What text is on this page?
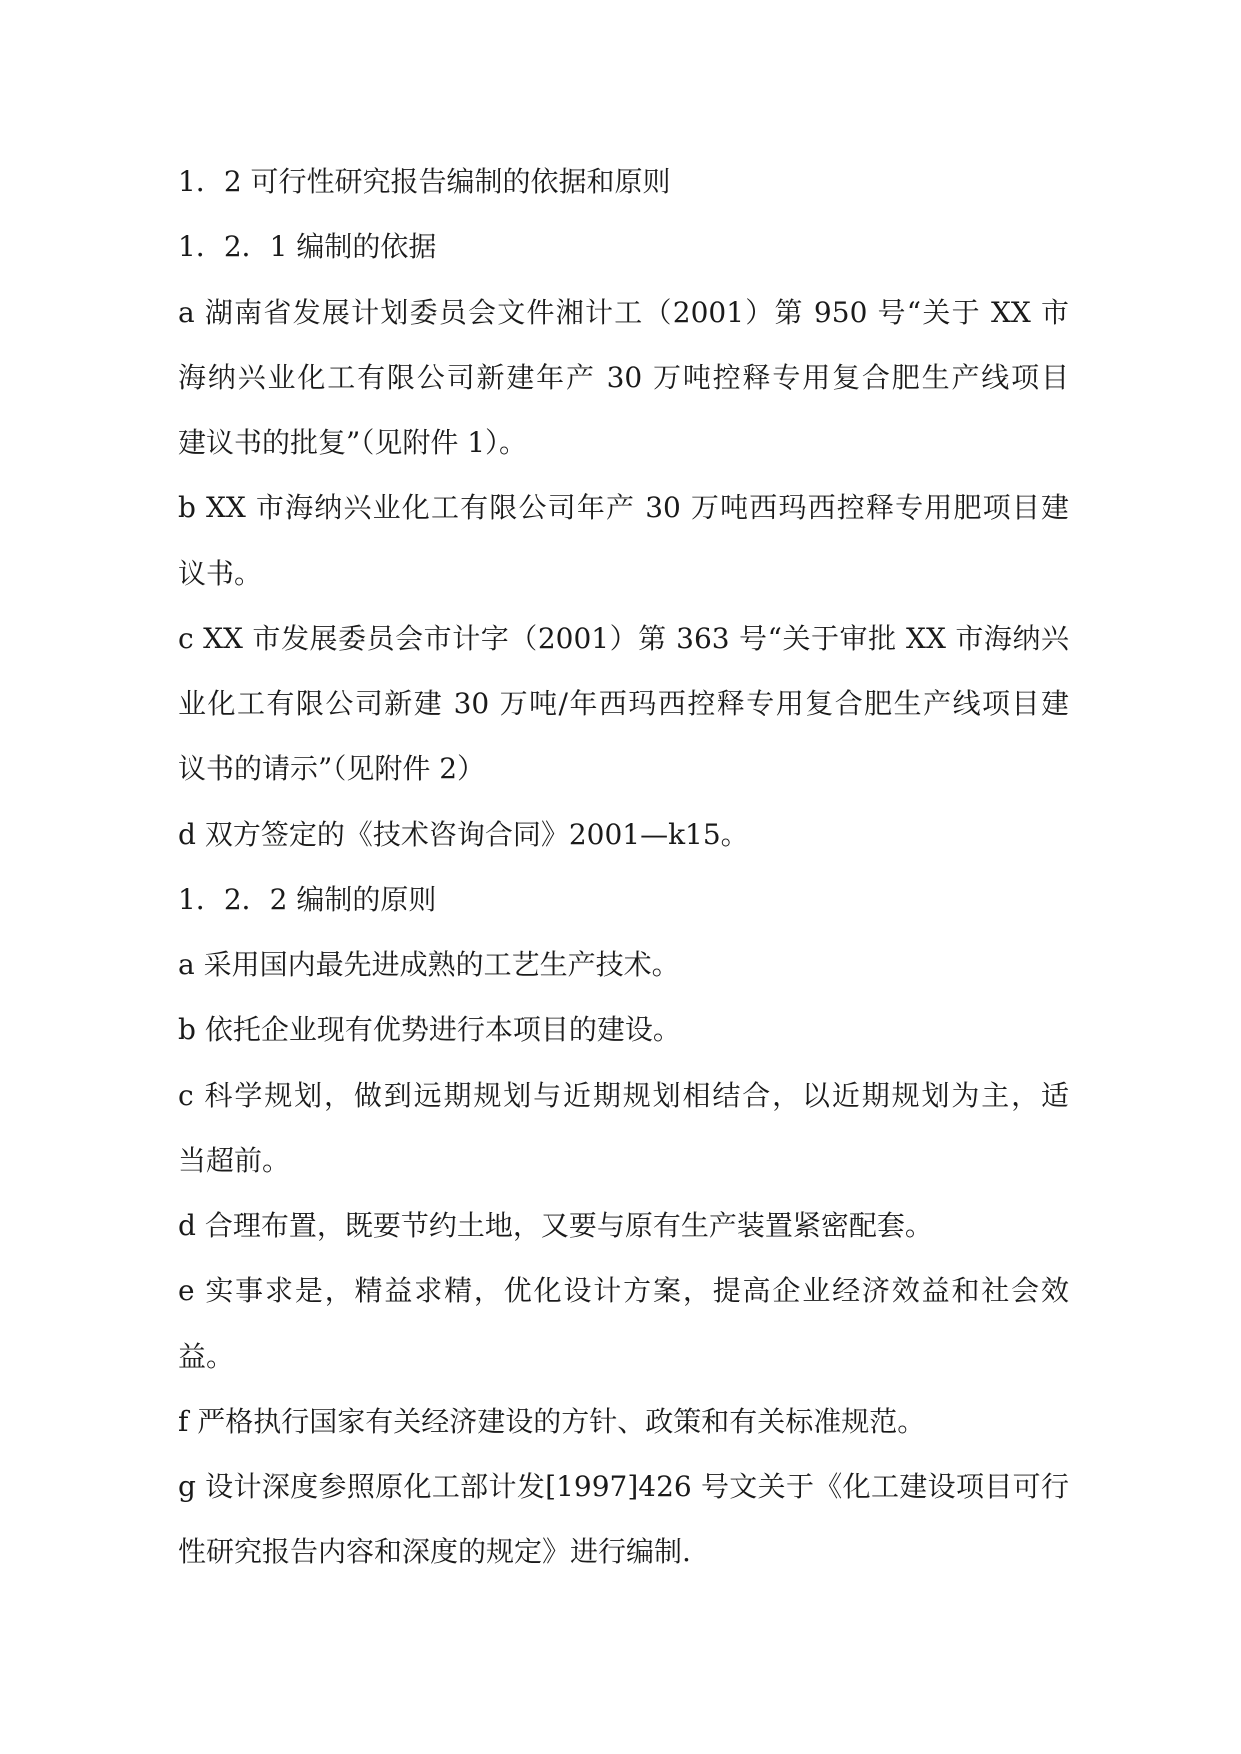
1．2 可行性研究报告编制的依据和原则
1．2．1 编制的依据
a 湖南省发展计划委员会文件湘计工（2001）第 950 号“关于 XX 市
海纳兴业化工有限公司新建年产 30 万吨控释专用复合肥生产线项目
建议书的批复”（见附件 1）。
b XX 市海纳兴业化工有限公司年产 30 万吨西玛西控释专用肥项目建
议书。
c XX 市发展委员会市计字（2001）第 363 号“关于审批 XX 市海纳兴
业化工有限公司新建 30 万吨/年西玛西控释专用复合肥生产线项目建
议书的请示”（见附件 2）
d 双方签定的《技术咨询合同》2001—k15。
1．2．2 编制的原则
a 采用国内最先进成熟的工艺生产技术。
b 依托企业现有优势进行本项目的建设。
c 科学规划，做到远期规划与近期规划相结合，以近期规划为主，适
当超前。
d 合理布置，既要节约土地，又要与原有生产装置紧密配套。
e 实事求是，精益求精，优化设计方案，提高企业经济效益和社会效
益。
f 严格执行国家有关经济建设的方针、政策和有关标准规范。
g 设计深度参照原化工部计发[1997]426 号文关于《化工建设项目可行
性研究报告内容和深度的规定》进行编制.
